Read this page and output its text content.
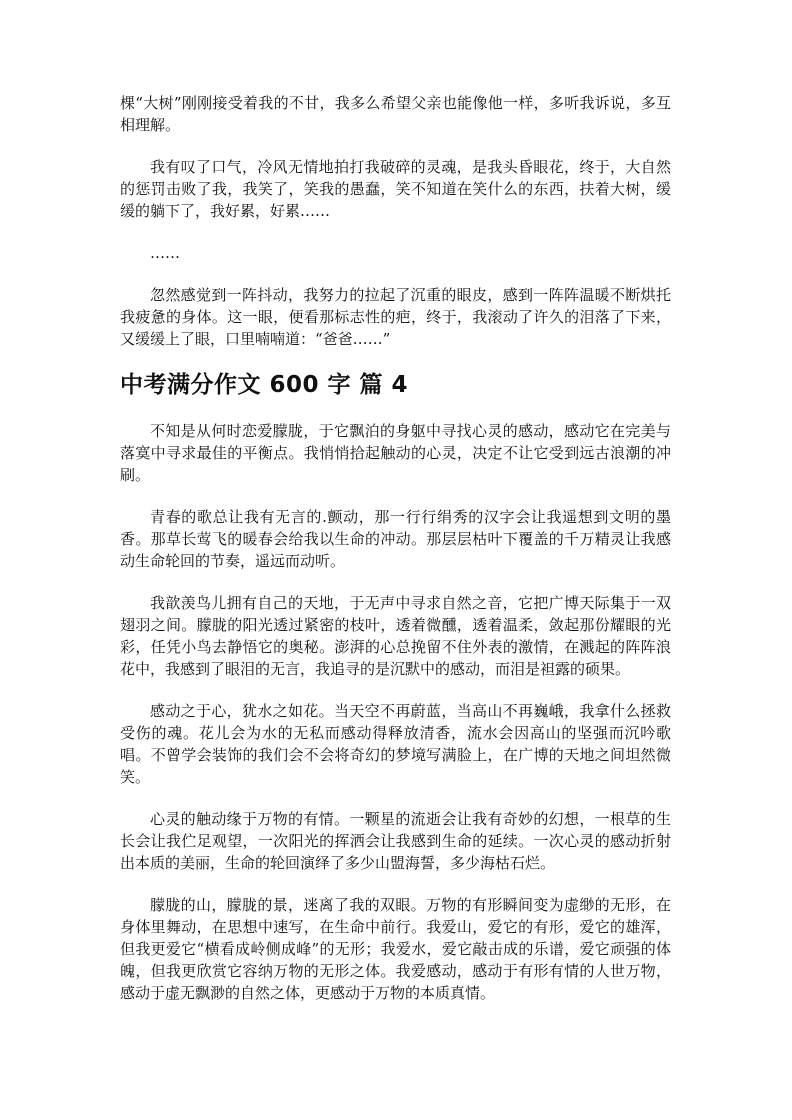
棵“大树”刚刚接受着我的不甘，我多么希望父亲也能像他一样，多听我诉说，多互相理解。

我有叹了口气，冷风无情地拍打我破碎的灵魂，是我头昏眼花，终于，大自然的惩罚击败了我，我笑了，笑我的愚蠢，笑不知道在笑什么的东西，扶着大树，缓缓的躺下了，我好累，好累……

……

忽然感觉到一阵抖动，我努力的拉起了沉重的眼皮，感到一阵阵温暖不断烘托我疲惫的身体。这一眼，便看那标志性的疤，终于，我滚动了许久的泪落了下来，又缓缓上了眼，口里喃喃道：“爸爸……”

中考满分作文 600 字 篇 4

不知是从何时恋爱朦胧，于它飘泊的身躯中寻找心灵的感动，感动它在完美与落寞中寻求最佳的平衡点。我悄悄拾起触动的心灵，决定不让它受到远古浪潮的冲刷。

青春的歌总让我有无言的.颤动，那一行行绢秀的汉字会让我遥想到文明的墨香。那草长莺飞的暖春会给我以生命的冲动。那层层枯叶下覆盖的千万精灵让我感动生命轮回的节奏，遥远而动听。

我歆羡鸟儿拥有自己的天地，于无声中寻求自然之音，它把广博天际集于一双翅羽之间。朦胧的阳光透过紧密的枝叶，透着微醺，透着温柔，敛起那份耀眼的光彩，任凭小鸟去静悟它的奥秘。澎湃的心总挽留不住外表的激情，在溅起的阵阵浪花中，我感到了眼泪的无言，我追寻的是沉默中的感动，而泪是袒露的硕果。

感动之于心，犹水之如花。当天空不再蔚蓝，当高山不再巍峨，我拿什么拯救受伤的魂。花儿会为水的无私而感动得释放清香，流水会因高山的坚强而沉吟歌唱。不曾学会装饰的我们会不会将奇幻的梦境写满脸上，在广博的天地之间坦然微笑。

心灵的触动缘于万物的有情。一颗星的流逝会让我有奇妙的幻想，一根草的生长会让我伫足观望，一次阳光的挥洒会让我感到生命的延续。一次心灵的感动折射出本质的美丽，生命的轮回演绎了多少山盟海誓，多少海枯石烂。

朦胧的山，朦胧的景，迷离了我的双眼。万物的有形瞬间变为虚缈的无形，在身体里舞动，在思想中速写，在生命中前行。我爱山，爱它的有形，爱它的雄浑，但我更爱它“横看成岭侧成峰”的无形；我爱水，爱它敲击成的乐谱，爱它顽强的体魄，但我更欣赏它容纳万物的无形之体。我爱感动，感动于有形有情的人世万物，感动于虚无飘渺的自然之体，更感动于万物的本质真情。
